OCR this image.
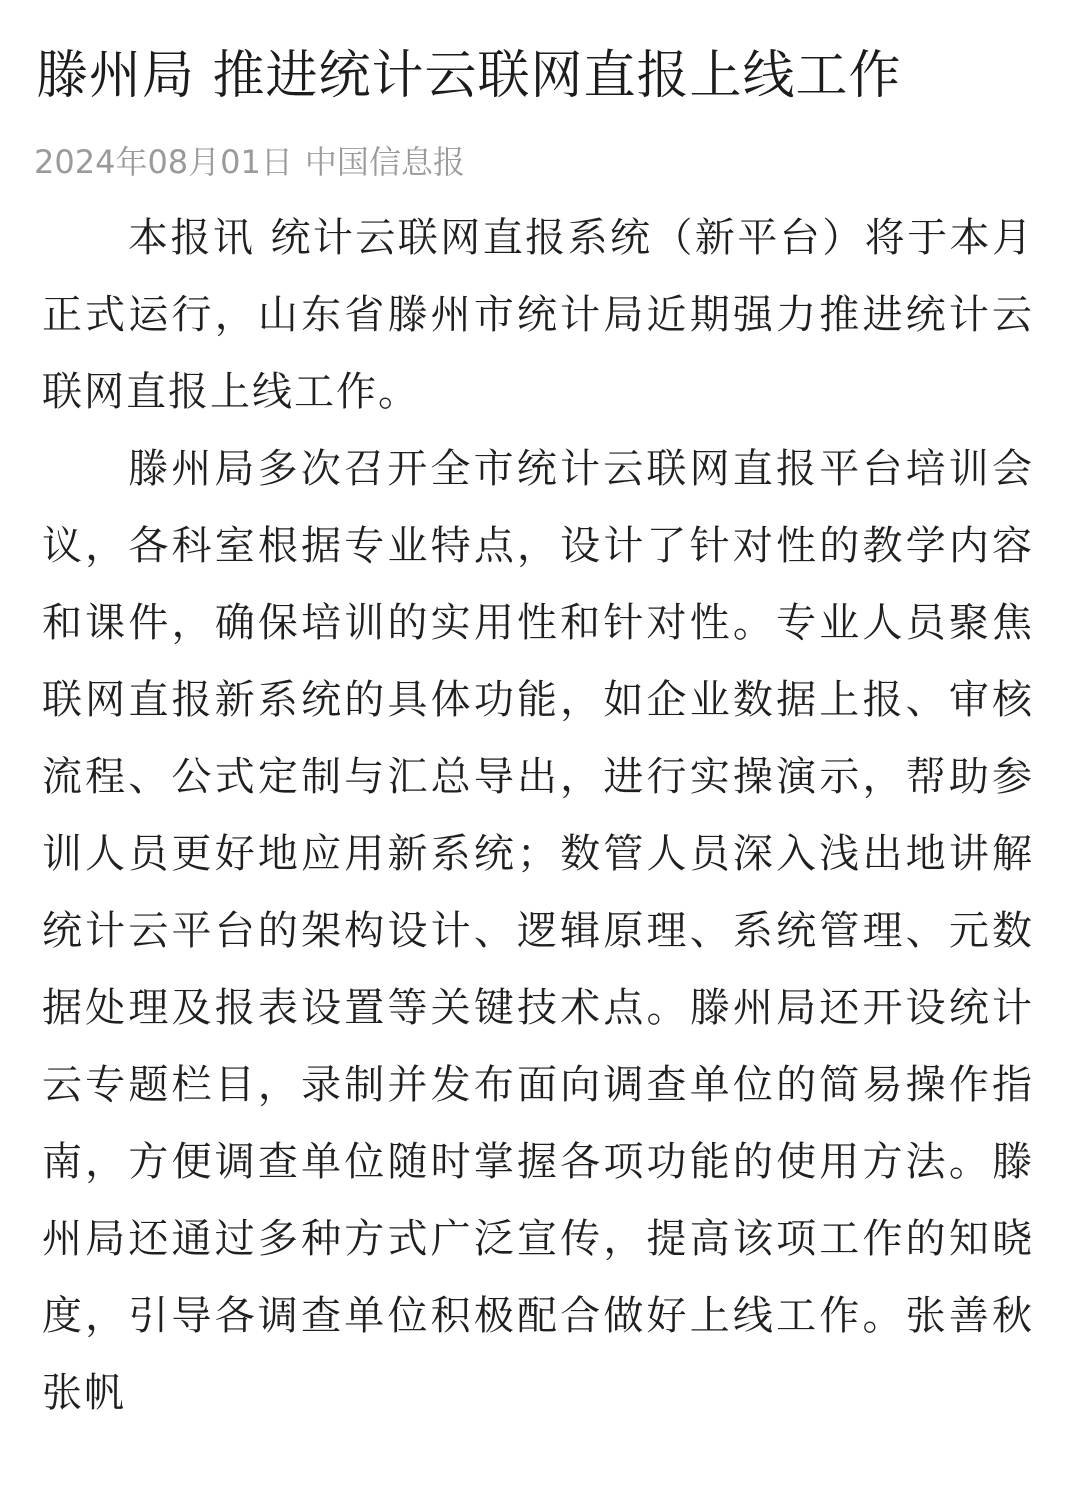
滕州局 推进统计云联网直报上线工作
2024年08月01日 中国信息报

本报讯 统计云联网直报系统（新平台）将于本月正式运行，山东省滕州市统计局近期强力推进统计云联网直报上线工作。

滕州局多次召开全市统计云联网直报平台培训会议，各科室根据专业特点，设计了针对性的教学内容和课件，确保培训的实用性和针对性。专业人员聚焦联网直报新系统的具体功能，如企业数据上报、审核流程、公式定制与汇总导出，进行实操演示，帮助参训人员更好地应用新系统；数管人员深入浅出地讲解统计云平台的架构设计、逻辑原理、系统管理、元数据处理及报表设置等关键技术点。滕州局还开设统计云专题栏目，录制并发布面向调查单位的简易操作指南，方便调查单位随时掌握各项功能的使用方法。滕州局还通过多种方式广泛宣传，提高该项工作的知晓度，引导各调查单位积极配合做好上线工作。张善秋 张帆
